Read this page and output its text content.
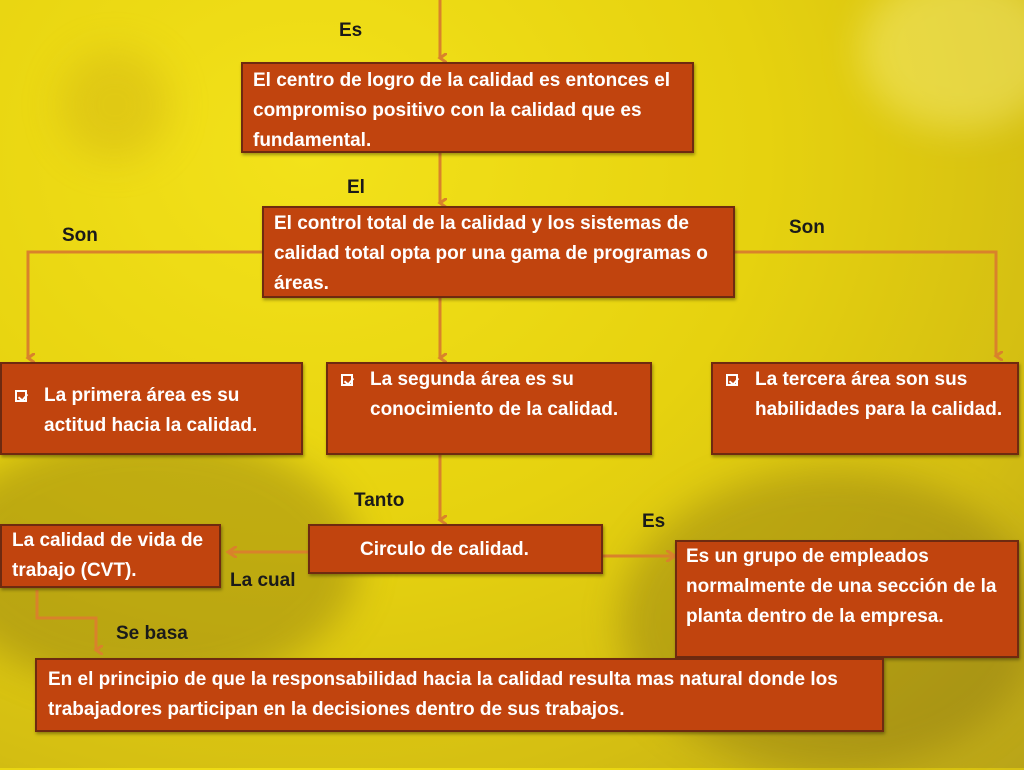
Es
El
Son	Son
Tanto
Es
La cual
Se basa
El centro de logro de la calidad es entonces el compromiso positivo con la calidad que es fundamental.
El control total de la calidad y los sistemas de calidad total opta por una gama de programas o áreas.
La primera área es su actitud hacia la calidad.
La segunda área es su conocimiento de la calidad.
La tercera área son sus habilidades para la calidad.
Circulo de calidad.
La calidad de vida de trabajo (CVT).
Es un grupo de empleados normalmente de una sección de la planta dentro de la empresa.
En el principio de que la responsabilidad hacia la calidad resulta mas natural donde los trabajadores participan en la decisiones dentro de sus trabajos.
